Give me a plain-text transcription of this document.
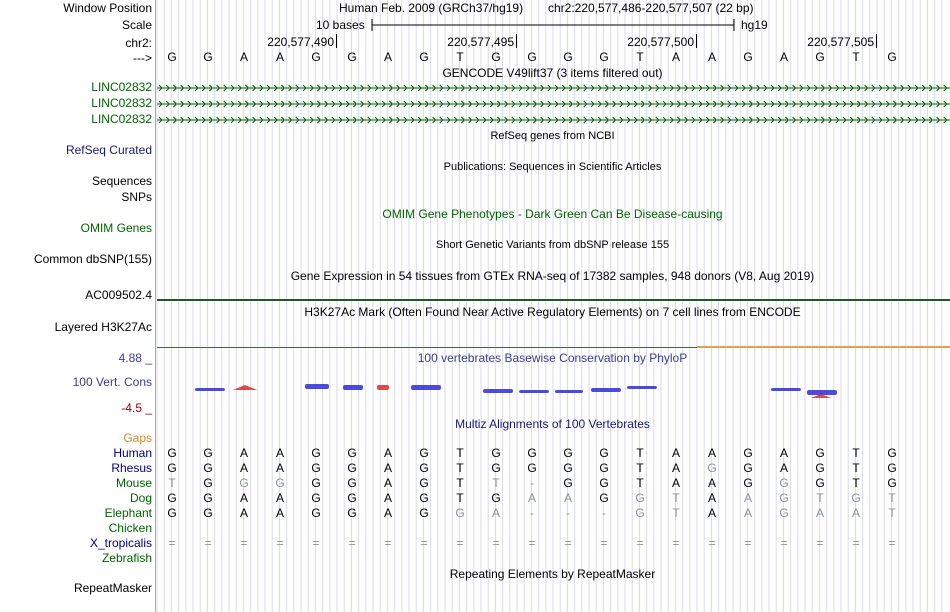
Window Position	Human Feb. 2009 (GRCh37/hg19) chr2:220,577,486-220,577,507 (22 bp)
Scale	10 bases	hg19
chr2:	220,577,490	220,577,495	220,577,500	220,577,505
--->	G	G	A	A	G	G	A	G	T	G	G	G	G	T	A	A	G	A	G	T	G
GENCODE V49lift37 (3 items filtered out)
LINC02832
LINC02832
LINC02832
RefSeq genes from NCBI
RefSeq Curated
Publications: Sequences in Scientific Articles
Sequences
SNPs
OMIM Gene Phenotypes - Dark Green Can Be Disease-causing
OMIM Genes
Short Genetic Variants from dbSNP release 155
Common dbSNP(155)
Gene Expression in 54 tissues from GTEx RNA-seq of 17382 samples, 948 donors (V8, Aug 2019)
AC009502.4
H3K27Ac Mark (Often Found Near Active Regulatory Elements) on 7 cell lines from ENCODE
Layered H3K27Ac
100 vertebrates Basewise Conservation by PhyloP
4.88 _
100 Vert. Cons
-4.5 _
Multiz Alignments of 100 Vertebrates
Gaps
Human	G	G	A	A	G	G	A	G	T	G	G	G	G	T	A	A	G	A	G	T	G
Rhesus	G	G	A	A	G	G	A	G	T	G	G	G	G	T	A	G	G	A	G	T	G
Mouse	T	G	G	G	G	G	A	G	T	T	-	G	G	T	A	A	G	G	G	T	G
Dog	G	G	A	A	G	G	A	G	T	G	A	A	G	G	T	A	A	G	T	G	T
Elephant	G	G	A	A	G	G	A	G	G	A	-	-	-	G	T	A	A	G	A	A	T
Chicken
X_tropicalis	=	=	=	=	=	=	=	=	=	=	=	=	=	=	=	=	=	=	=	=	=
Zebrafish
Repeating Elements by RepeatMasker
RepeatMasker
